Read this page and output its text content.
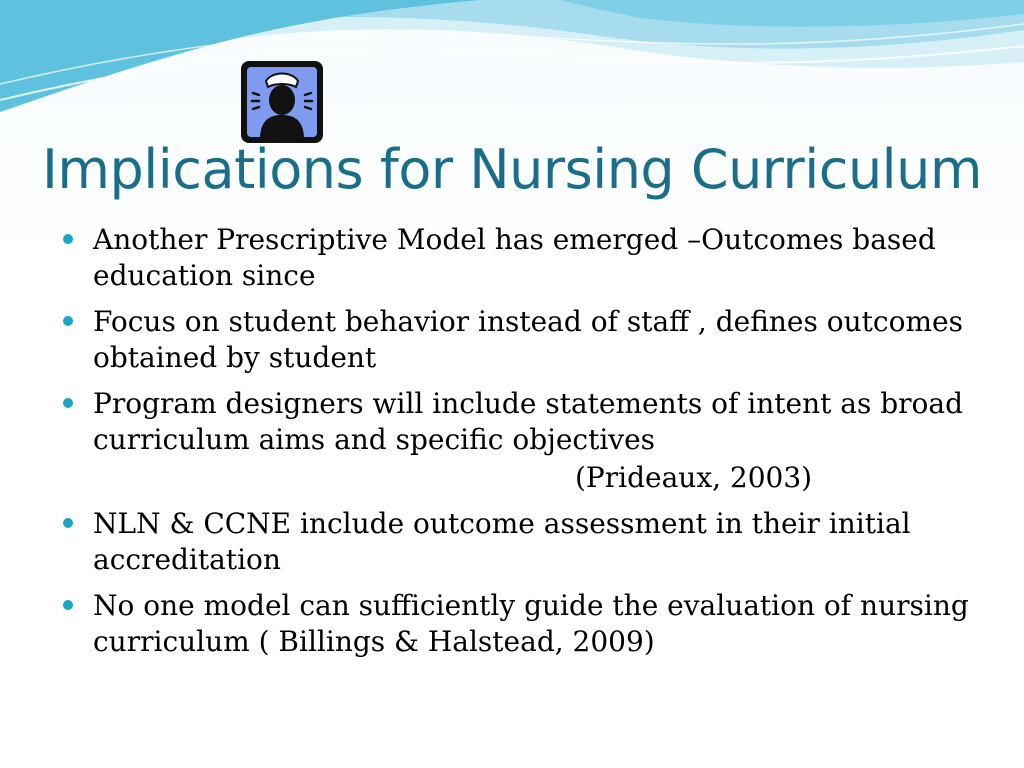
Implications for Nursing Curriculum
Another Prescriptive Model has emerged –Outcomes based education since
Focus on student behavior instead of staff , defines outcomes obtained by student
Program designers will include statements of intent as broad curriculum aims and specific objectives
(Prideaux, 2003)
NLN & CCNE include outcome assessment in their initial accreditation
No one model can sufficiently guide the evaluation of nursing curriculum ( Billings & Halstead, 2009)
